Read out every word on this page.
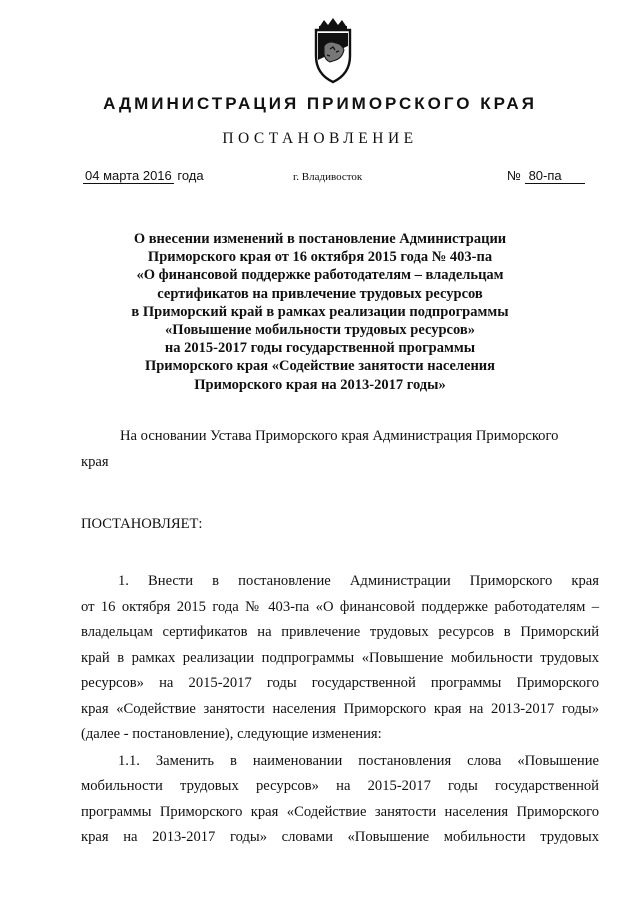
АДМИНИСТРАЦИЯ ПРИМОРСКОГО КРАЯ
ПОСТАНОВЛЕНИЕ
04 марта 2016 года	г. Владивосток	№ 80-па
О внесении изменений в постановление Администрации
Приморского края от 16 октября 2015 года № 403-па
«О финансовой поддержке работодателям – владельцам
сертификатов на привлечение трудовых ресурсов
в Приморский край в рамках реализации подпрограммы
«Повышение мобильности трудовых ресурсов»
на 2015-2017 годы государственной программы
Приморского края «Содействие занятости населения
Приморского края на 2013-2017 годы»
На основании Устава Приморского края Администрация Приморского
края
ПОСТАНОВЛЯЕТ:
1. Внести в постановление Администрации Приморского края
от 16 октября 2015 года № 403-па «О финансовой поддержке работодателям –
владельцам сертификатов на привлечение трудовых ресурсов в Приморский
край в рамках реализации подпрограммы «Повышение мобильности трудовых
ресурсов» на 2015-2017 годы государственной программы Приморского
края «Содействие занятости населения Приморского края на 2013-2017 годы»
(далее - постановление), следующие изменения:
1.1. Заменить в наименовании постановления слова «Повышение
мобильности трудовых ресурсов» на 2015-2017 годы государственной
программы Приморского края «Содействие занятости населения Приморского
края на 2013-2017 годы» словами «Повышение мобильности трудовых
